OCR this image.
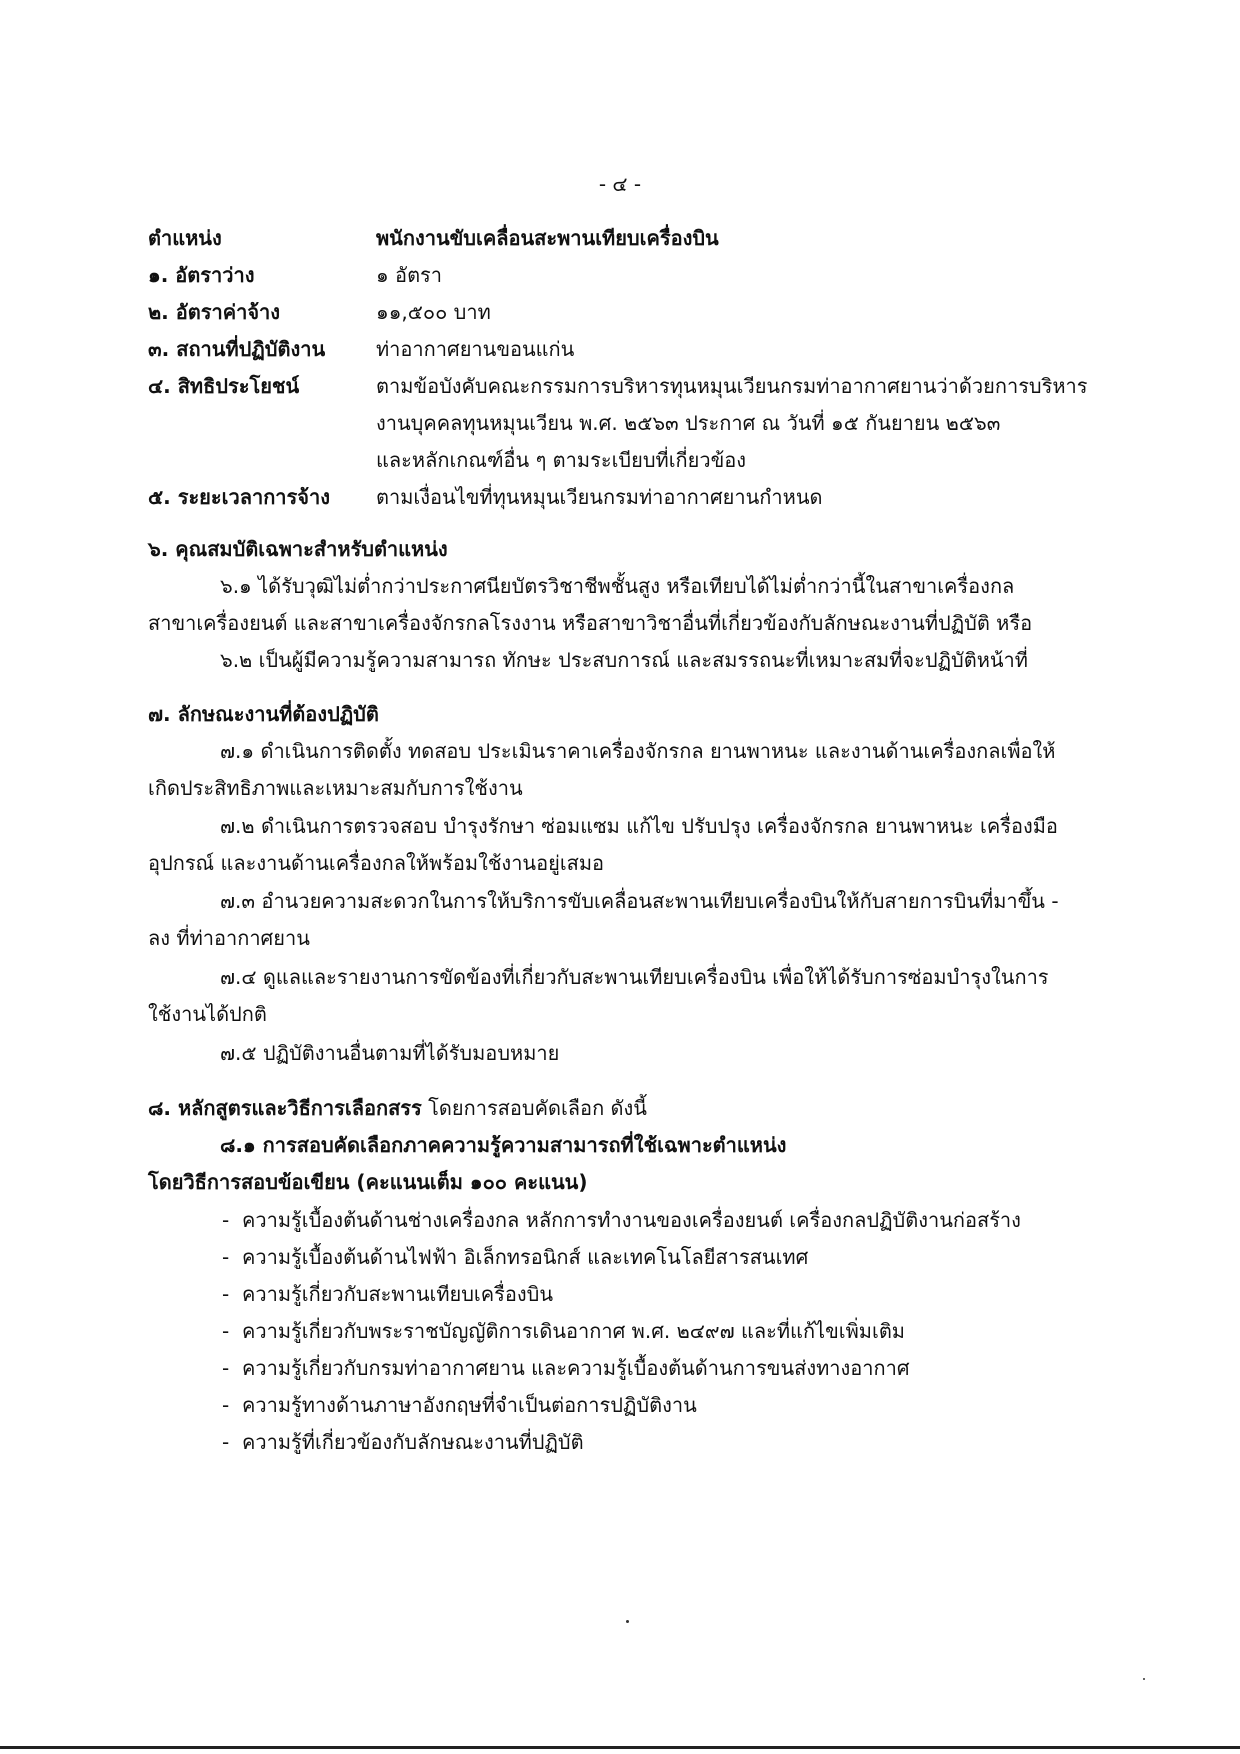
- ๔ -
ตำแหน่ง	พนักงานขับเคลื่อนสะพานเทียบเครื่องบิน
๑. อัตราว่าง	๑ อัตรา
๒. อัตราค่าจ้าง	๑๑,๕๐๐ บาท
๓. สถานที่ปฏิบัติงาน	ท่าอากาศยานขอนแก่น
๔. สิทธิประโยชน์	ตามข้อบังคับคณะกรรมการบริหารทุนหมุนเวียนกรมท่าอากาศยานว่าด้วยการบริหาร
งานบุคคลทุนหมุนเวียน พ.ศ. ๒๕๖๓ ประกาศ ณ วันที่ ๑๕ กันยายน ๒๕๖๓
และหลักเกณฑ์อื่น ๆ ตามระเบียบที่เกี่ยวข้อง
๕. ระยะเวลาการจ้าง	ตามเงื่อนไขที่ทุนหมุนเวียนกรมท่าอากาศยานกำหนด
๖. คุณสมบัติเฉพาะสำหรับตำแหน่ง
๖.๑ ได้รับวุฒิไม่ต่ำกว่าประกาศนียบัตรวิชาชีพชั้นสูง หรือเทียบได้ไม่ต่ำกว่านี้ในสาขาเครื่องกล
สาขาเครื่องยนต์ และสาขาเครื่องจักรกลโรงงาน หรือสาขาวิชาอื่นที่เกี่ยวข้องกับลักษณะงานที่ปฏิบัติ หรือ
๖.๒ เป็นผู้มีความรู้ความสามารถ ทักษะ ประสบการณ์ และสมรรถนะที่เหมาะสมที่จะปฏิบัติหน้าที่
๗. ลักษณะงานที่ต้องปฏิบัติ
๗.๑ ดำเนินการติดตั้ง ทดสอบ ประเมินราคาเครื่องจักรกล ยานพาหนะ และงานด้านเครื่องกลเพื่อให้
เกิดประสิทธิภาพและเหมาะสมกับการใช้งาน
๗.๒ ดำเนินการตรวจสอบ บำรุงรักษา ซ่อมแซม แก้ไข ปรับปรุง เครื่องจักรกล ยานพาหนะ เครื่องมือ
อุปกรณ์ และงานด้านเครื่องกลให้พร้อมใช้งานอยู่เสมอ
๗.๓ อำนวยความสะดวกในการให้บริการขับเคลื่อนสะพานเทียบเครื่องบินให้กับสายการบินที่มาขึ้น -
ลง ที่ท่าอากาศยาน
๗.๔ ดูแลและรายงานการขัดข้องที่เกี่ยวกับสะพานเทียบเครื่องบิน เพื่อให้ได้รับการซ่อมบำรุงในการ
ใช้งานได้ปกติ
๗.๕ ปฏิบัติงานอื่นตามที่ได้รับมอบหมาย
๘. หลักสูตรและวิธีการเลือกสรร โดยการสอบคัดเลือก ดังนี้
๘.๑ การสอบคัดเลือกภาคความรู้ความสามารถที่ใช้เฉพาะตำแหน่ง
โดยวิธีการสอบข้อเขียน (คะแนนเต็ม ๑๐๐ คะแนน)
- ความรู้เบื้องต้นด้านช่างเครื่องกล หลักการทำงานของเครื่องยนต์ เครื่องกลปฏิบัติงานก่อสร้าง
- ความรู้เบื้องต้นด้านไฟฟ้า อิเล็กทรอนิกส์ และเทคโนโลยีสารสนเทศ
- ความรู้เกี่ยวกับสะพานเทียบเครื่องบิน
- ความรู้เกี่ยวกับพระราชบัญญัติการเดินอากาศ พ.ศ. ๒๔๙๗ และที่แก้ไขเพิ่มเติม
- ความรู้เกี่ยวกับกรมท่าอากาศยาน และความรู้เบื้องต้นด้านการขนส่งทางอากาศ
- ความรู้ทางด้านภาษาอังกฤษที่จำเป็นต่อการปฏิบัติงาน
- ความรู้ที่เกี่ยวข้องกับลักษณะงานที่ปฏิบัติ
